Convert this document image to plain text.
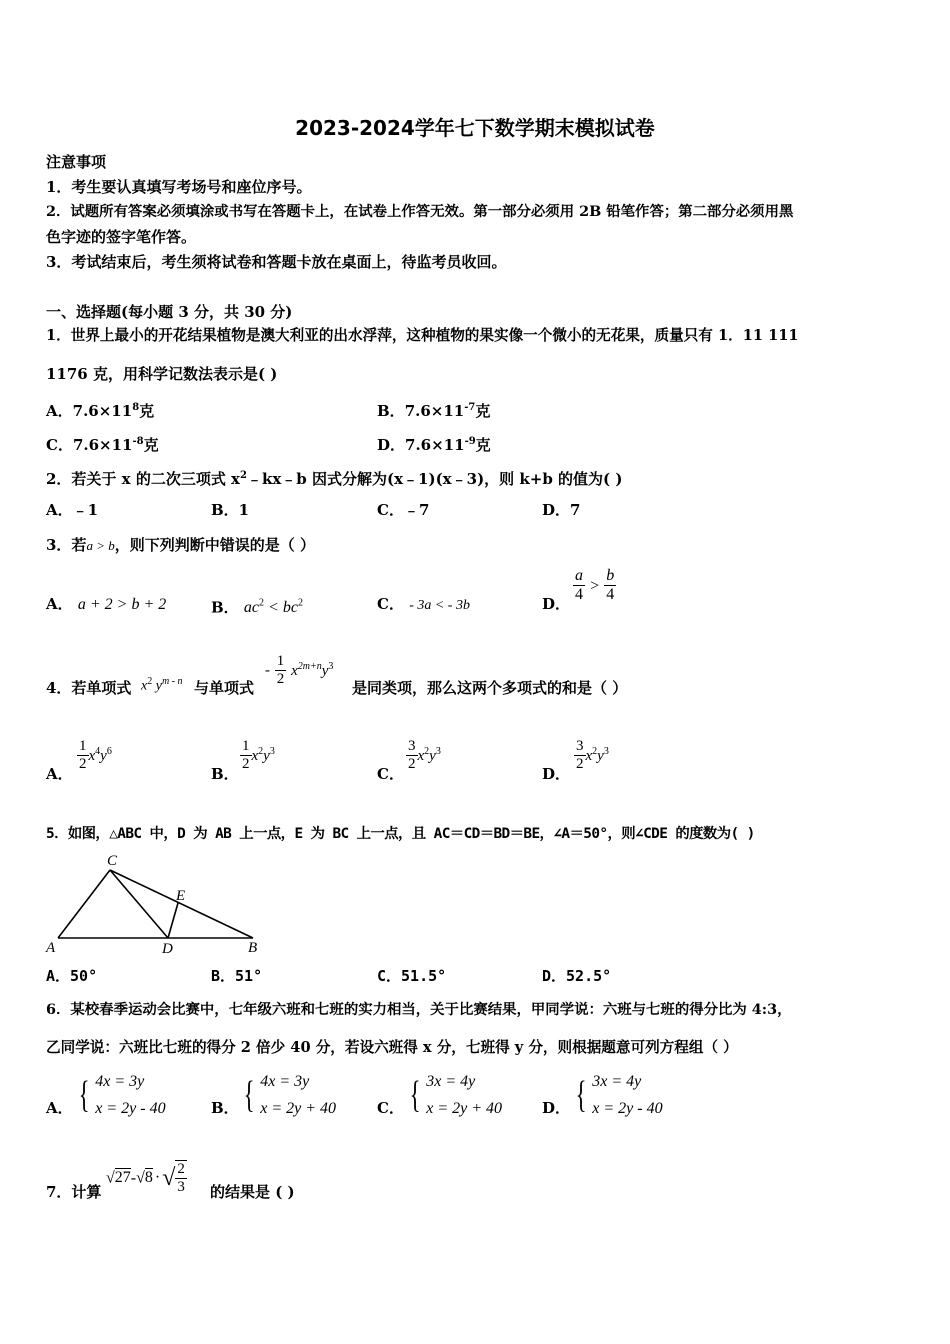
2023-2024学年七下数学期末模拟试卷
注意事项
1．考生要认真填写考场号和座位序号。
2．试题所有答案必须填涂或书写在答题卡上，在试卷上作答无效。第一部分必须用 2B 铅笔作答；第二部分必须用黑
色字迹的签字笔作答。
3．考试结束后，考生须将试卷和答题卡放在桌面上，待监考员收回。
一、选择题(每小题 3 分，共 30 分)
1．世界上最小的开花结果植物是澳大利亚的出水浮萍，这种植物的果实像一个微小的无花果，质量只有 1．11 111
1176 克，用科学记数法表示是( )
A．$7.6\times 11^8$克	B．$7.6\times 11^{-7}$克
C．$7.6\times 11^{-8}$克	D．$7.6\times 11^{-9}$克
2．若关于 x 的二次三项式 $x^2﹣kx﹣b$ 因式分解为(x﹣1)(x﹣3)，则 k+b 的值为( )
A．﹣1	B．1	C．﹣7	D．7
3．若a > b，则下列判断中错误的是（ ）
A． a + 2 > b + 2	B． $ac^2 < bc^2$	C． - 3a < - 3b	D． $\frac{a}{4} > \frac{b}{4}$
4．若单项式 $x^2$ $y^{m - n}$ 与单项式
- $\frac{1}{2} x^{2m+n}y^3$
是同类项，那么这两个多项式的和是（ ）
A．
$\frac{1}{2} x^4y^6$
B．
$\frac{1}{2} x^2y^3$
C．
$\frac{3}{2} x^2y^3$
D．
$\frac{3}{2} x^2y^3$
5．如图，△ABC 中，D 为 AB 上一点，E 为 BC 上一点，且 AC＝CD＝BD＝BE，∠A＝50°，则∠CDE 的度数为( )
C
E
A	D	B
A．50°	B．51°	C．51.5°	D．52.5°
6．某校春季运动会比赛中，七年级六班和七班的实力相当，关于比赛结果，甲同学说：六班与七班的得分比为 4:3，
乙同学说：六班比七班的得分 2 倍少 40 分，若设六班得 x 分，七班得 y 分，则根据题意可列方程组（ ）
A． { 4x = 3y
x = 2y - 40	B． { 4x = 3y
x = 2y + 40	C． { 3x = 4y
x = 2y + 40	D． { 3x = 4y
x = 2y - 40
7．计算
√27-√8 ·√ $\frac{2}{3}$ 的结果是 ( )
